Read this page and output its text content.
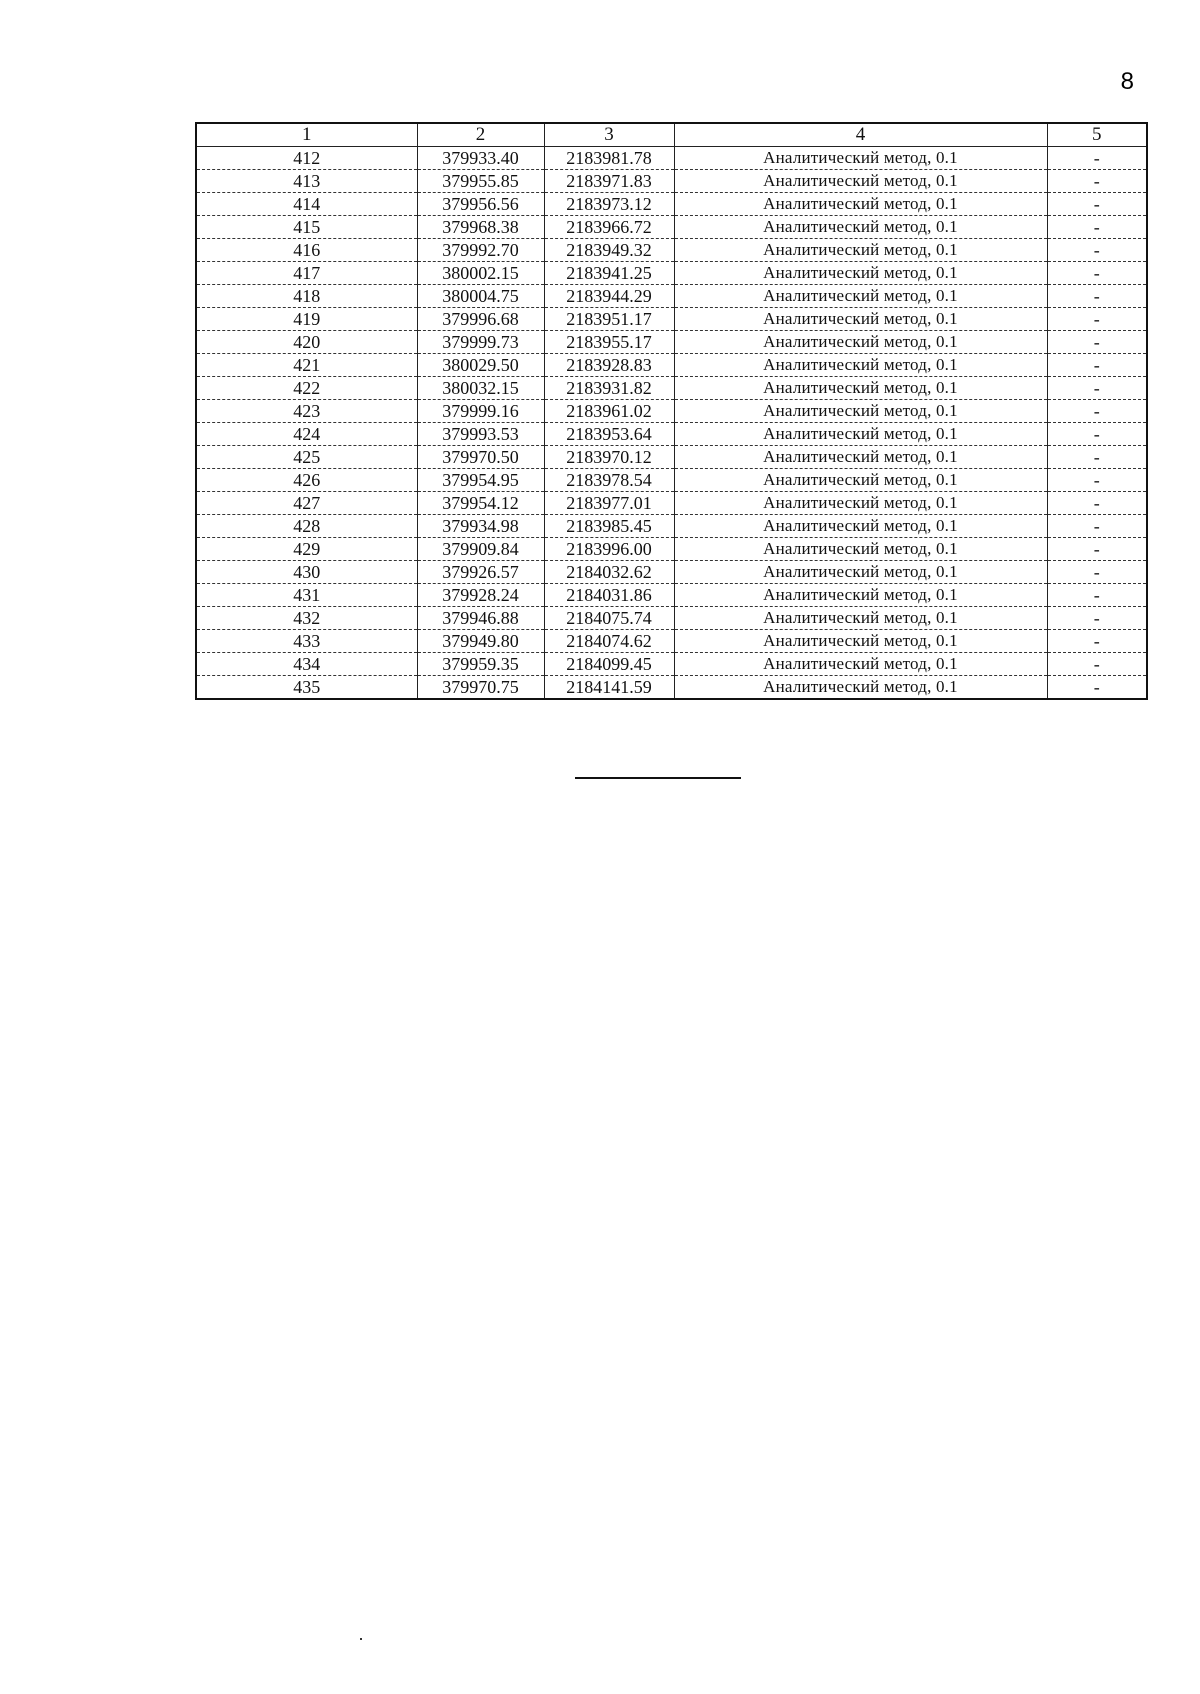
8
1	2	3	4	5
412	379933.40	2183981.78	Аналитический метод, 0.1	-
413	379955.85	2183971.83	Аналитический метод, 0.1	-
414	379956.56	2183973.12	Аналитический метод, 0.1	-
415	379968.38	2183966.72	Аналитический метод, 0.1	-
416	379992.70	2183949.32	Аналитический метод, 0.1	-
417	380002.15	2183941.25	Аналитический метод, 0.1	-
418	380004.75	2183944.29	Аналитический метод, 0.1	-
419	379996.68	2183951.17	Аналитический метод, 0.1	-
420	379999.73	2183955.17	Аналитический метод, 0.1	-
421	380029.50	2183928.83	Аналитический метод, 0.1	-
422	380032.15	2183931.82	Аналитический метод, 0.1	-
423	379999.16	2183961.02	Аналитический метод, 0.1	-
424	379993.53	2183953.64	Аналитический метод, 0.1	-
425	379970.50	2183970.12	Аналитический метод, 0.1	-
426	379954.95	2183978.54	Аналитический метод, 0.1	-
427	379954.12	2183977.01	Аналитический метод, 0.1	-
428	379934.98	2183985.45	Аналитический метод, 0.1	-
429	379909.84	2183996.00	Аналитический метод, 0.1	-
430	379926.57	2184032.62	Аналитический метод, 0.1	-
431	379928.24	2184031.86	Аналитический метод, 0.1	-
432	379946.88	2184075.74	Аналитический метод, 0.1	-
433	379949.80	2184074.62	Аналитический метод, 0.1	-
434	379959.35	2184099.45	Аналитический метод, 0.1	-
435	379970.75	2184141.59	Аналитический метод, 0.1	-
